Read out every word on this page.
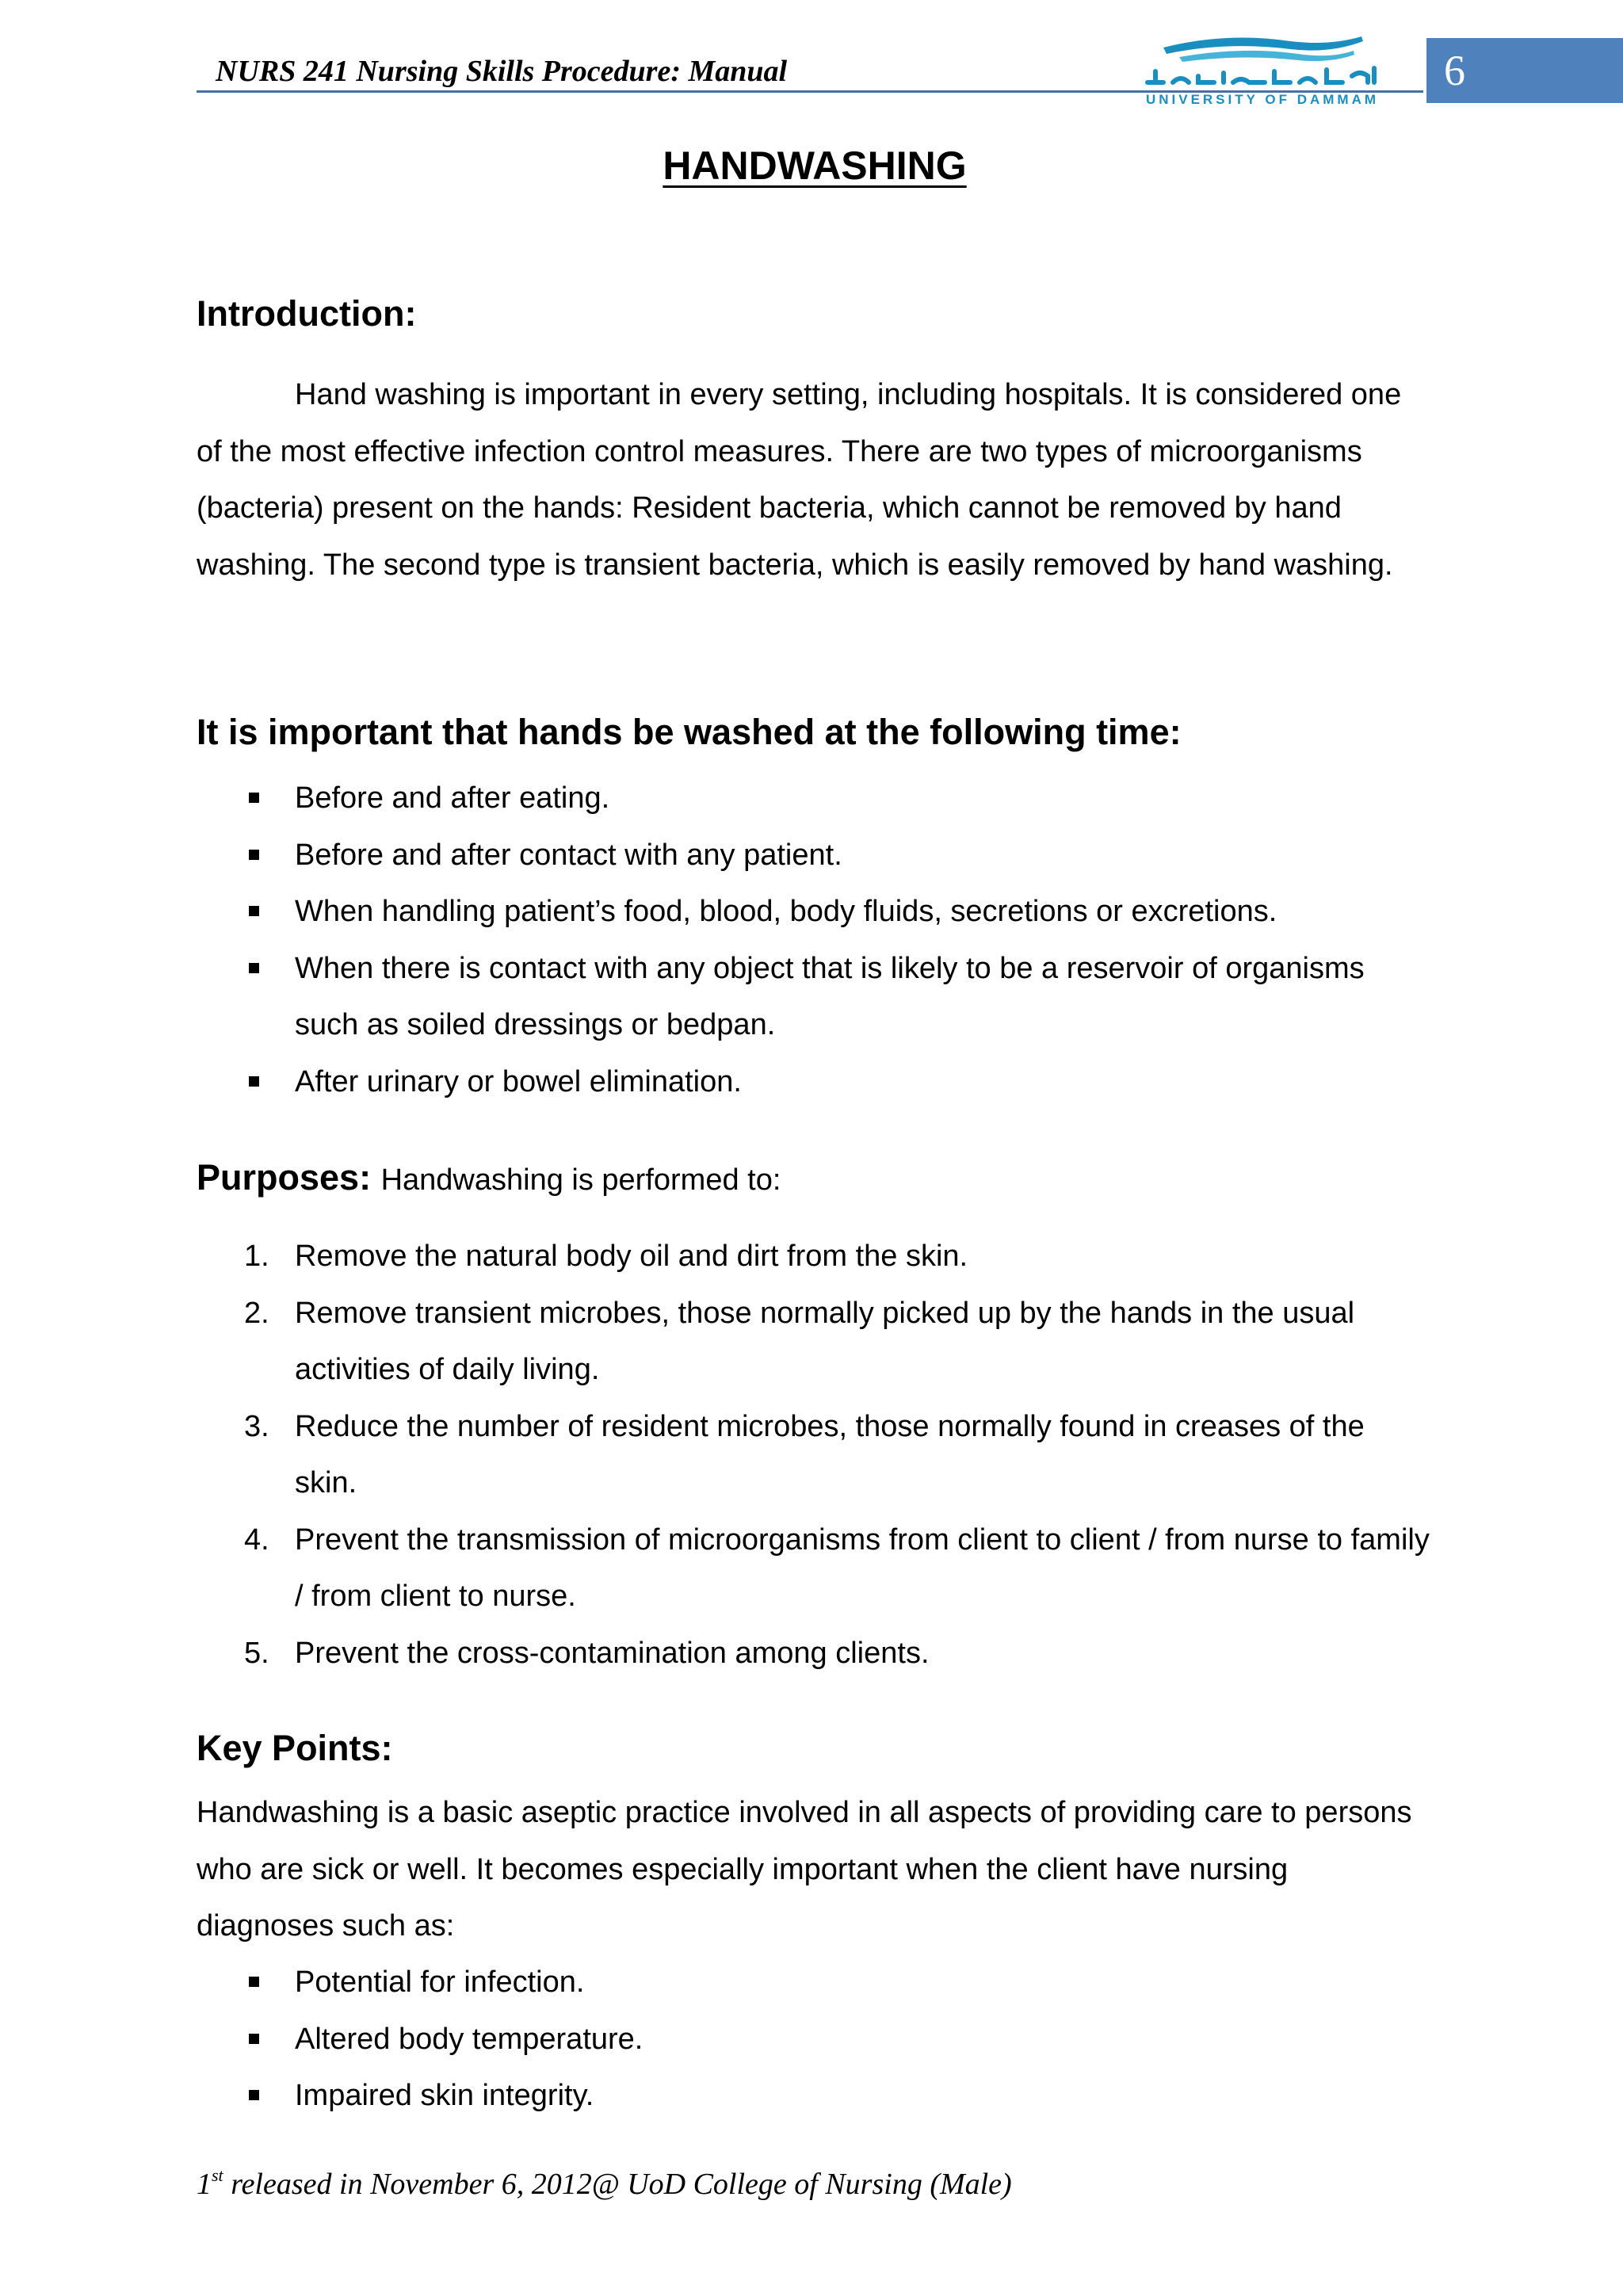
NURS 241 Nursing Skills Procedure: Manual
UNIVERSITY OF DAMMAM
6
HANDWASHING
Introduction:

Hand washing is important in every setting, including hospitals. It is considered one of the most effective infection control measures. There are two types of microorganisms (bacteria) present on the hands: Resident bacteria, which cannot be removed by hand washing. The second type is transient bacteria, which is easily removed by hand washing.

It is important that hands be washed at the following time:
Before and after eating.
Before and after contact with any patient.
When handling patient’s food, blood, body fluids, secretions or excretions.
When there is contact with any object that is likely to be a reservoir of organisms such as soiled dressings or bedpan.
After urinary or bowel elimination.
Purposes: Handwashing is performed to:
1. Remove the natural body oil and dirt from the skin.
2. Remove transient microbes, those normally picked up by the hands in the usual activities of daily living.
3. Reduce the number of resident microbes, those normally found in creases of the skin.
4. Prevent the transmission of microorganisms from client to client / from nurse to family / from client to nurse.
5. Prevent the cross-contamination among clients.
Key Points:

Handwashing is a basic aseptic practice involved in all aspects of providing care to persons who are sick or well. It becomes especially important when the client have nursing diagnoses such as:

Potential for infection.
Altered body temperature.
Impaired skin integrity.
1st released in November 6, 2012@ UoD College of Nursing (Male)
